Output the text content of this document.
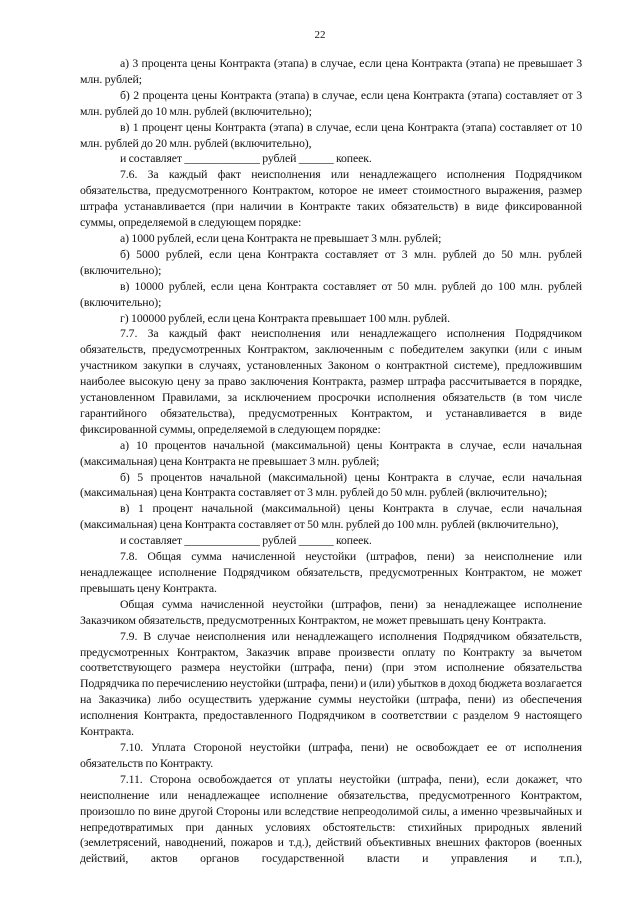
22

а) 3 процента цены Контракта (этапа) в случае, если цена Контракта (этапа) не превышает 3 млн. рублей;

б) 2 процента цены Контракта (этапа) в случае, если цена Контракта (этапа) составляет от 3 млн. рублей до 10 млн. рублей (включительно);

в) 1 процент цены Контракта (этапа) в случае, если цена Контракта (этапа) составляет от 10 млн. рублей до 20 млн. рублей (включительно),

и составляет _____________ рублей ______ копеек.

7.6. За каждый факт неисполнения или ненадлежащего исполнения Подрядчиком обязательства, предусмотренного Контрактом, которое не имеет стоимостного выражения, размер штрафа устанавливается (при наличии в Контракте таких обязательств) в виде фиксированной суммы, определяемой в следующем порядке:

а) 1000 рублей, если цена Контракта не превышает 3 млн. рублей;

б) 5000 рублей, если цена Контракта составляет от 3 млн. рублей до 50 млн. рублей (включительно);

в) 10000 рублей, если цена Контракта составляет от 50 млн. рублей до 100 млн. рублей (включительно);

г) 100000 рублей, если цена Контракта превышает 100 млн. рублей.

7.7. За каждый факт неисполнения или ненадлежащего исполнения Подрядчиком обязательств, предусмотренных Контрактом, заключенным с победителем закупки (или с иным участником закупки в случаях, установленных Законом о контрактной системе), предложившим наиболее высокую цену за право заключения Контракта, размер штрафа рассчитывается в порядке, установленном Правилами, за исключением просрочки исполнения обязательств (в том числе гарантийного обязательства), предусмотренных Контрактом, и устанавливается в виде фиксированной суммы, определяемой в следующем порядке:

а) 10 процентов начальной (максимальной) цены Контракта в случае, если начальная (максимальная) цена Контракта не превышает 3 млн. рублей;

б) 5 процентов начальной (максимальной) цены Контракта в случае, если начальная (максимальная) цена Контракта составляет от 3 млн. рублей до 50 млн. рублей (включительно);

в) 1 процент начальной (максимальной) цены Контракта в случае, если начальная (максимальная) цена Контракта составляет от 50 млн. рублей до 100 млн. рублей (включительно),

и составляет _____________ рублей ______ копеек.

7.8. Общая сумма начисленной неустойки (штрафов, пени) за неисполнение или ненадлежащее исполнение Подрядчиком обязательств, предусмотренных Контрактом, не может превышать цену Контракта.

Общая сумма начисленной неустойки (штрафов, пени) за ненадлежащее исполнение Заказчиком обязательств, предусмотренных Контрактом, не может превышать цену Контракта.

7.9. В случае неисполнения или ненадлежащего исполнения Подрядчиком обязательств, предусмотренных Контрактом, Заказчик вправе произвести оплату по Контракту за вычетом соответствующего размера неустойки (штрафа, пени) (при этом исполнение обязательства Подрядчика по перечислению неустойки (штрафа, пени) и (или) убытков в доход бюджета возлагается на Заказчика) либо осуществить удержание суммы неустойки (штрафа, пени) из обеспечения исполнения Контракта, предоставленного Подрядчиком в соответствии с разделом 9 настоящего Контракта.

7.10. Уплата Стороной неустойки (штрафа, пени) не освобождает ее от исполнения обязательств по Контракту.

7.11. Сторона освобождается от уплаты неустойки (штрафа, пени), если докажет, что неисполнение или ненадлежащее исполнение обязательства, предусмотренного Контрактом, произошло по вине другой Стороны или вследствие непреодолимой силы, а именно чрезвычайных и непредотвратимых при данных условиях обстоятельств: стихийных природных явлений (землетрясений, наводнений, пожаров и т.д.), действий объективных внешних факторов (военных действий, актов органов государственной власти и управления и т.п.),
